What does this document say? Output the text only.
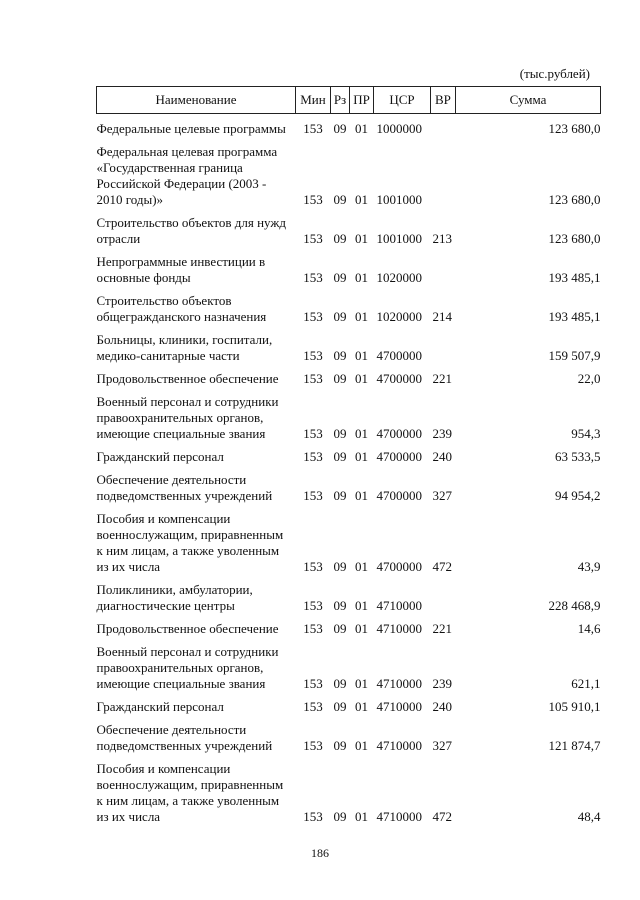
(тыс.рублей)
Наименование	Мин	Рз	ПР	ЦСР	ВР	Сумма

Федеральные целевые программы	153	09	01	1000000		123 680,0

Федеральная целевая программа «Государственная граница Российской Федерации (2003 - 2010 годы)»	153	09	01	1001000		123 680,0

Строительство объектов для нужд отрасли	153	09	01	1001000	213	123 680,0

Непрограммные инвестиции в основные фонды	153	09	01	1020000		193 485,1

Строительство объектов общегражданского назначения	153	09	01	1020000	214	193 485,1

Больницы, клиники, госпитали, медико-санитарные части	153	09	01	4700000		159 507,9

Продовольственное обеспечение	153	09	01	4700000	221	22,0

Военный персонал и сотрудники правоохранительных органов, имеющие специальные звания	153	09	01	4700000	239	954,3

Гражданский персонал	153	09	01	4700000	240	63 533,5

Обеспечение деятельности подведомственных учреждений	153	09	01	4700000	327	94 954,2

Пособия и компенсации военнослужащим, приравненным к ним лицам, а также уволенным из их числа	153	09	01	4700000	472	43,9

Поликлиники, амбулатории, диагностические центры	153	09	01	4710000		228 468,9

Продовольственное обеспечение	153	09	01	4710000	221	14,6

Военный персонал и сотрудники правоохранительных органов, имеющие специальные звания	153	09	01	4710000	239	621,1

Гражданский персонал	153	09	01	4710000	240	105 910,1

Обеспечение деятельности подведомственных учреждений	153	09	01	4710000	327	121 874,7

Пособия и компенсации военнослужащим, приравненным к ним лицам, а также уволенным из их числа	153	09	01	4710000	472	48,4
186
